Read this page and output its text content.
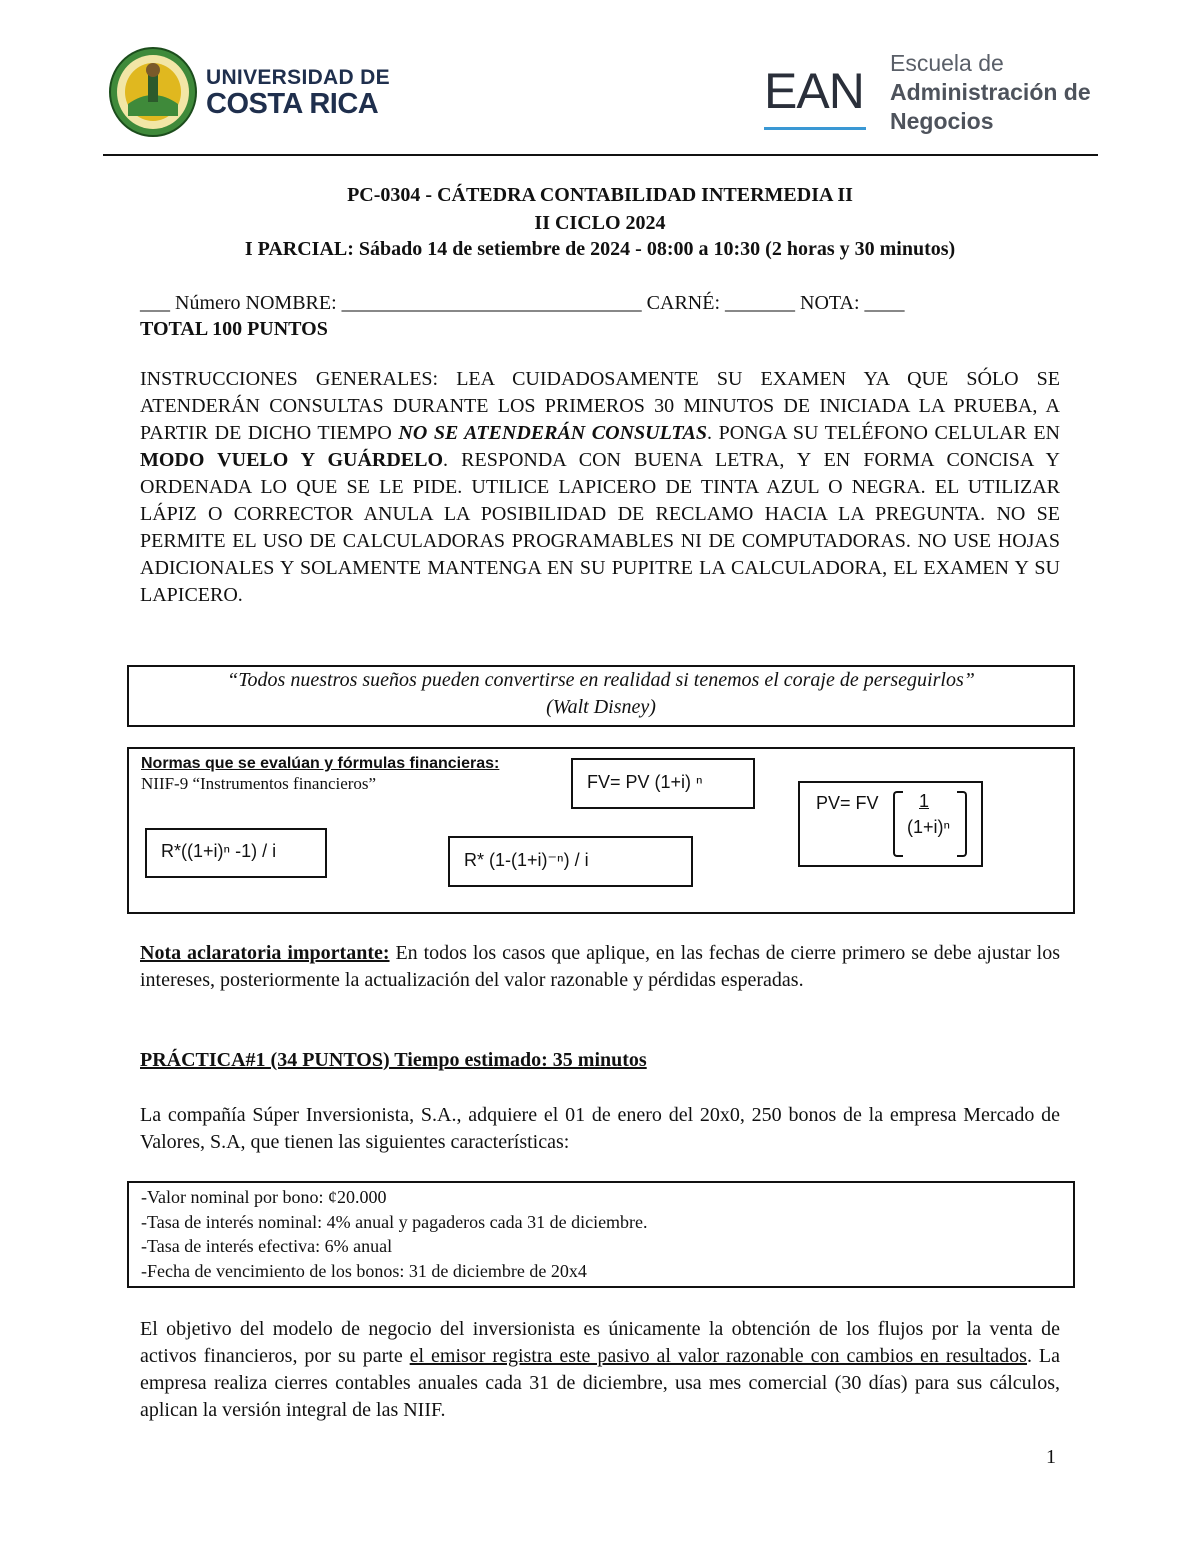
UNIVERSIDAD DE
COSTA RICA	EAN Escuela de
Administración de
Negocios
PC-0304 - CÁTEDRA CONTABILIDAD INTERMEDIA II
II CICLO 2024
I PARCIAL: Sábado 14 de setiembre de 2024 - 08:00 a 10:30 (2 horas y 30 minutos)
___ Número NOMBRE: ______________________________ CARNÉ: _______ NOTA: ____
TOTAL 100 PUNTOS
INSTRUCCIONES GENERALES: LEA CUIDADOSAMENTE SU EXAMEN YA QUE SÓLO SE ATENDERÁN CONSULTAS DURANTE LOS PRIMEROS 30 MINUTOS DE INICIADA LA PRUEBA, A PARTIR DE DICHO TIEMPO NO SE ATENDERÁN CONSULTAS. PONGA SU TELÉFONO CELULAR EN MODO VUELO Y GUÁRDELO. RESPONDA CON BUENA LETRA, Y EN FORMA CONCISA Y ORDENADA LO QUE SE LE PIDE. UTILICE LAPICERO DE TINTA AZUL O NEGRA. EL UTILIZAR LÁPIZ O CORRECTOR ANULA LA POSIBILIDAD DE RECLAMO HACIA LA PREGUNTA. NO SE PERMITE EL USO DE CALCULADORAS PROGRAMABLES NI DE COMPUTADORAS. NO USE HOJAS ADICIONALES Y SOLAMENTE MANTENGA EN SU PUPITRE LA CALCULADORA, EL EXAMEN Y SU LAPICERO.
“Todos nuestros sueños pueden convertirse en realidad si tenemos el coraje de perseguirlos”
(Walt Disney)
Normas que se evalúan y fórmulas financieras:
NIIF-9 “Instrumentos financieros”	FV= PV (1+i) ⁿ
R*((1+i)ⁿ -1) / i	R* (1-(1+i)⁻ⁿ) / i
PV= FV 1
(1+i)ⁿ
Nota aclaratoria importante: En todos los casos que aplique, en las fechas de cierre primero se debe ajustar los intereses, posteriormente la actualización del valor razonable y pérdidas esperadas.
PRÁCTICA#1 (34 PUNTOS) Tiempo estimado: 35 minutos
La compañía Súper Inversionista, S.A., adquiere el 01 de enero del 20x0, 250 bonos de la empresa Mercado de Valores, S.A, que tienen las siguientes características:
-Valor nominal por bono: ¢20.000
-Tasa de interés nominal: 4% anual y pagaderos cada 31 de diciembre.
-Tasa de interés efectiva: 6% anual
-Fecha de vencimiento de los bonos: 31 de diciembre de 20x4
El objetivo del modelo de negocio del inversionista es únicamente la obtención de los flujos por la venta de activos financieros, por su parte el emisor registra este pasivo al valor razonable con cambios en resultados. La empresa realiza cierres contables anuales cada 31 de diciembre, usa mes comercial (30 días) para sus cálculos, aplican la versión integral de las NIIF.
1
